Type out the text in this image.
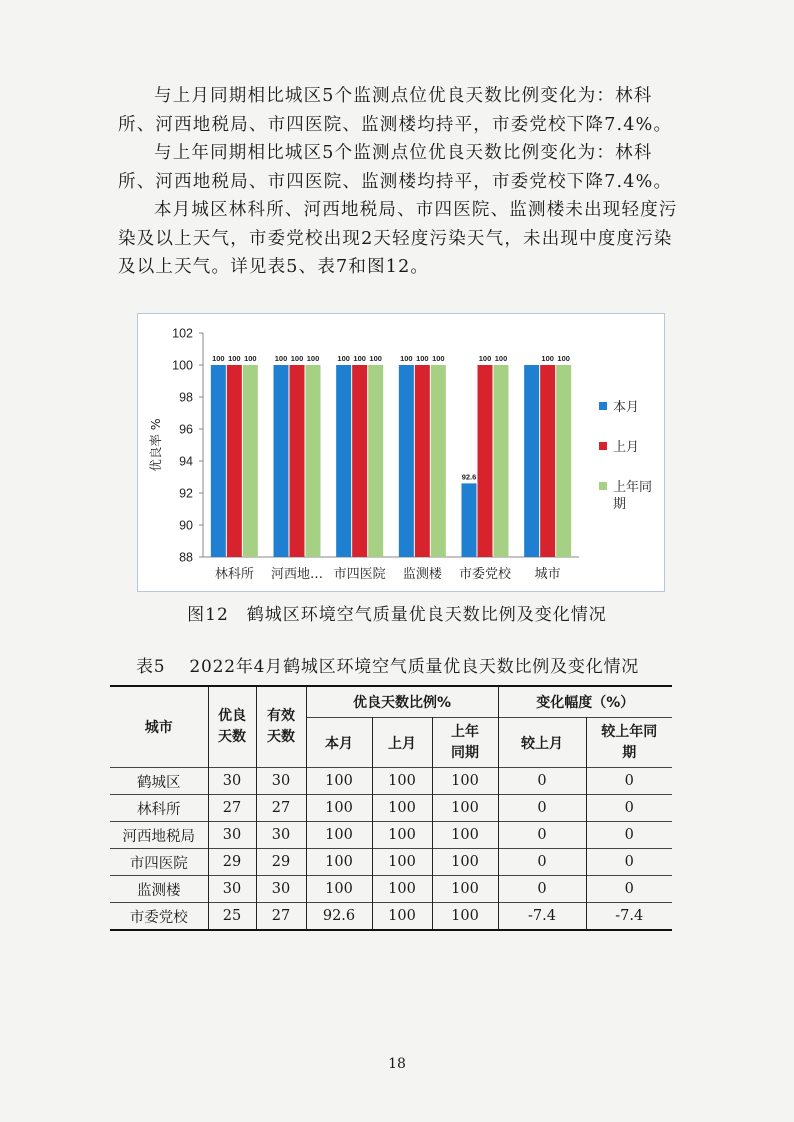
与上月同期相比城区5个监测点位优良天数比例变化为：林科所、河西地税局、市四医院、监测楼均持平，市委党校下降7.4%。

与上年同期相比城区5个监测点位优良天数比例变化为：林科所、河西地税局、市四医院、监测楼均持平，市委党校下降7.4%。

本月城区林科所、河西地税局、市四医院、监测楼未出现轻度污染及以上天气，市委党校出现2天轻度污染天气，未出现中度度污染及以上天气。详见表5、表7和图12。

88
90
92
94
96
98
100
102
优良率 %
100 100 100
林科所
100 100 100
河西地…
100 100 100
市四医院
100 100 100
监测楼
92.6
100 100
市委党校
100 100
城市
本月
上月
上年同期
图12　鹤城区环境空气质量优良天数比例及变化情况
表5　 2022年4月鹤城区环境空气质量优良天数比例及变化情况
城市	优良天数	有效天数	优良天数比例%			变化幅度（%）	
			本月	上月	上年同期	较上月	较上年同期
鹤城区	30	30	100	100	100	0	0
林科所	27	27	100	100	100	0	0
河西地税局	30	30	100	100	100	0	0
市四医院	29	29	100	100	100	0	0
监测楼	30	30	100	100	100	0	0
市委党校	25	27	92.6	100	100	-7.4	-7.4
18
